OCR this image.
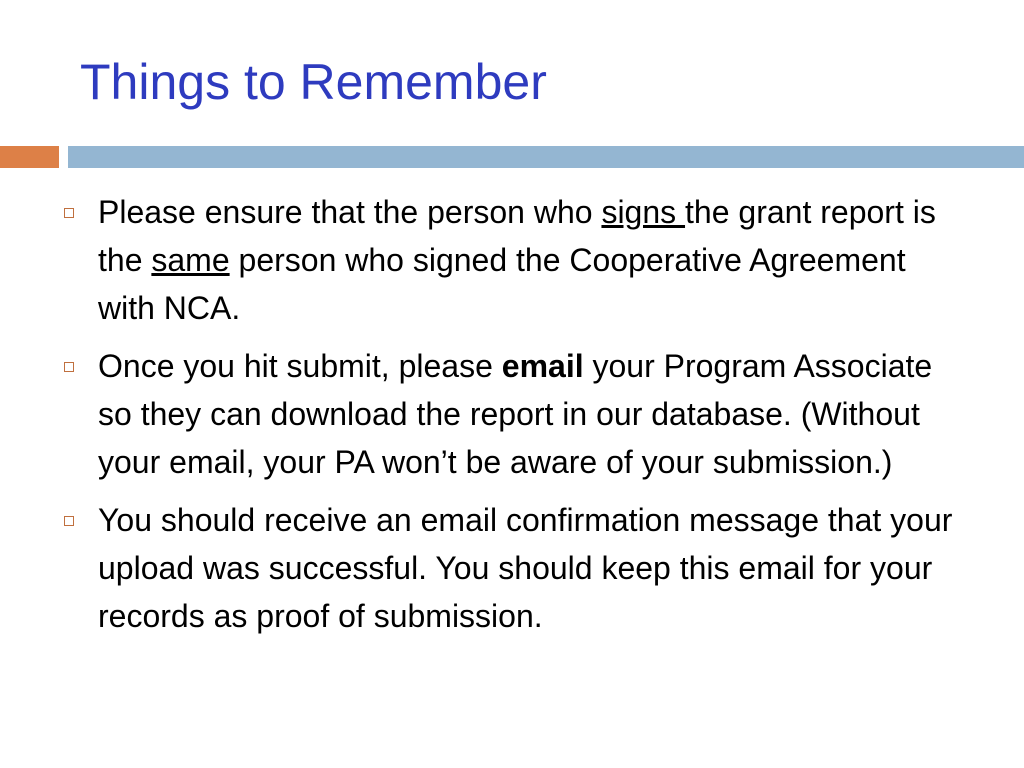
Things to Remember
Please ensure that the person who signs the grant report is the same person who signed the Cooperative Agreement with NCA.
Once you hit submit, please email your Program Associate so they can download the report in our database. (Without your email, your PA won’t be aware of your submission.)
You should receive an email confirmation message that your upload was successful. You should keep this email for your records as proof of submission.
